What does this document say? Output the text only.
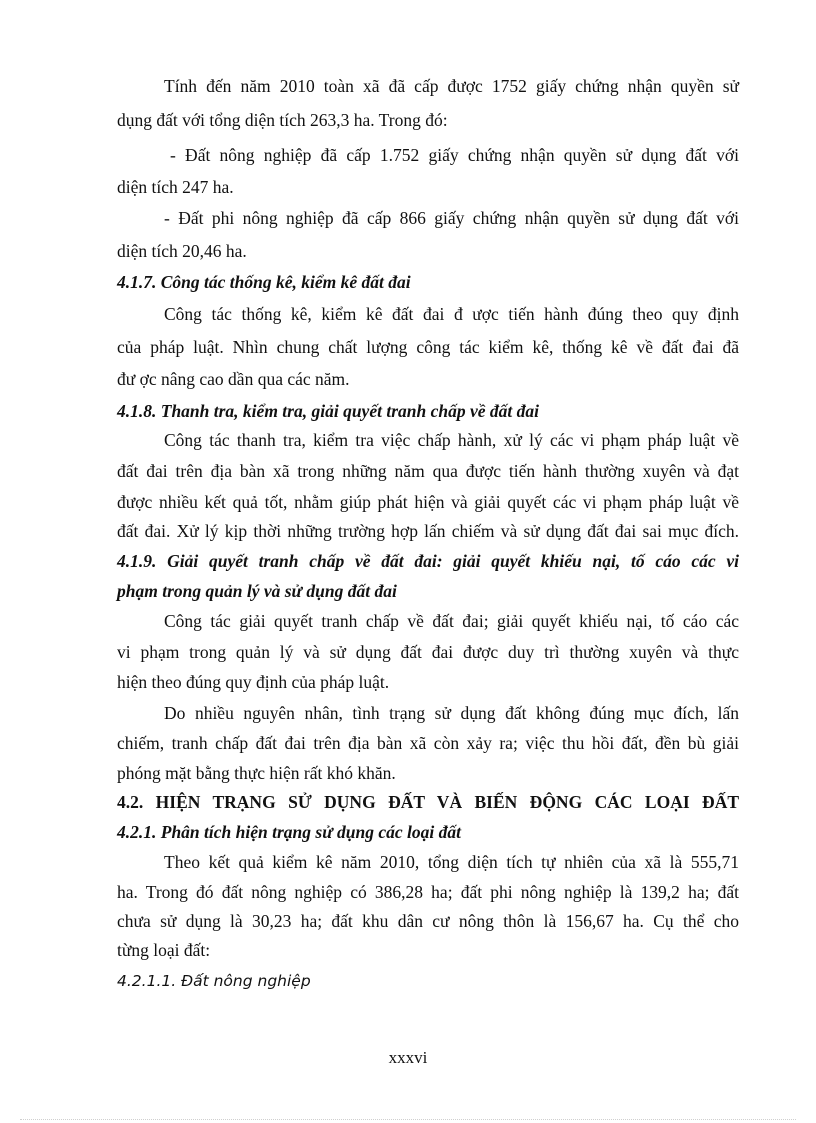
Tính đến năm 2010 toàn xã đã cấp được 1752 giấy chứng nhận quyền sử

dụng đất với tổng diện tích 263,3 ha. Trong đó:

- Đất nông nghiệp đã cấp 1.752 giấy chứng nhận quyền sử dụng đất với

diện tích 247 ha.

- Đất phi nông nghiệp đã cấp 866 giấy chứng nhận quyền sử dụng đất với

diện tích 20,46 ha.

4.1.7. Công tác thống kê, kiểm kê đất đai

Công tác thống kê, kiểm kê đất đai đ ược tiến hành đúng theo quy định

của pháp luật. Nhìn chung chất lượng công tác kiểm kê, thống kê về đất đai đã

đư ợc nâng cao dần qua các năm.

4.1.8. Thanh tra, kiểm tra, giải quyết tranh chấp về đất đai

Công tác thanh tra, kiểm tra việc chấp hành, xử lý các vi phạm pháp luật về

đất đai trên địa bàn xã trong những năm qua được tiến hành thường xuyên và đạt

được nhiều kết quả tốt, nhằm giúp phát hiện và giải quyết các vi phạm pháp luật về

đất đai. Xử lý kịp thời những trường hợp lấn chiếm và sử dụng đất đai sai mục đích.

4.1.9. Giải quyết tranh chấp về đất đai: giải quyết khiếu nại, tố cáo các vi

phạm trong quản lý và sử dụng đất đai

Công tác giải quyết tranh chấp về đất đai; giải quyết khiếu nại, tố cáo các

vi phạm trong quản lý và sử dụng đất đai được duy trì thường xuyên và thực

hiện theo đúng quy định của pháp luật.

Do nhiều nguyên nhân, tình trạng sử dụng đất không đúng mục đích, lấn

chiếm, tranh chấp đất đai trên địa bàn xã còn xảy ra; việc thu hồi đất, đền bù giải

phóng mặt bằng thực hiện rất khó khăn.

4.2. HIỆN TRẠNG SỬ DỤNG ĐẤT VÀ BIẾN ĐỘNG CÁC LOẠI ĐẤT

4.2.1. Phân tích hiện trạng sử dụng các loại đất

Theo kết quả kiểm kê năm 2010, tổng diện tích tự nhiên của xã là 555,71

ha. Trong đó đất nông nghiệp có 386,28 ha; đất phi nông nghiệp là 139,2 ha; đất

chưa sử dụng là 30,23 ha; đất khu dân cư nông thôn là 156,67 ha. Cụ thể cho

từng loại đất:

4.2.1.1. Đất nông nghiệp

xxxvi
